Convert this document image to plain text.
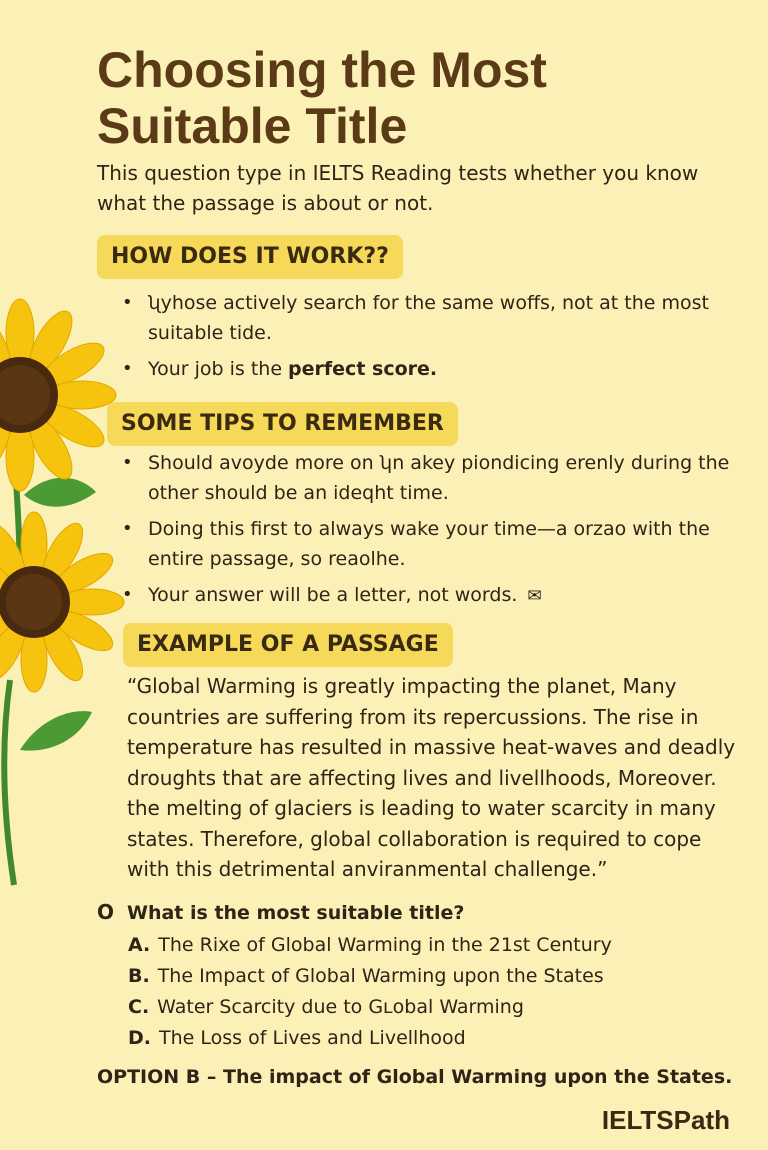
Choosing the Most Suitable Title

This question type in IELTS Reading tests whether you know what the passage is about or not.

HOW DOES IT WORK??
• ʯyhose actively search for the same woffs, not at the most suitable tide.
• Your job is the perfect score.
SOME TIPS TO REMEMBER
• Should avoyde more on ʮn akey piondicing erenly during the other should be an ideqht time.
• Doing this first to always wake your time—a orzao with the entire passage, so reaolhe.
• Your answer will be a letter, not words. ✉
EXAMPLE OF A PASSAGE

“Global Warming is greatly impacting the planet, Many countries are suffering from its repercussions. The rise in temperature has resulted in massive heat-waves and deadly droughts that are affecting lives and livellhoods, Moreover. the melting of glaciers is leading to water scarcity in many states. Therefore, global collaboration is required to cope with this detrimental anviranmental challenge.”

O What is the most suitable title?
A. The Rixe of Global Warming in the 21st Century
B. The Impact of Global Warming upon the States
C. Water Scarcity due to Gʟobal Warming
D. The Loss of Lives and Livellhood
OPTION B – The impact of Global Warming upon the States.
IELTSPath
